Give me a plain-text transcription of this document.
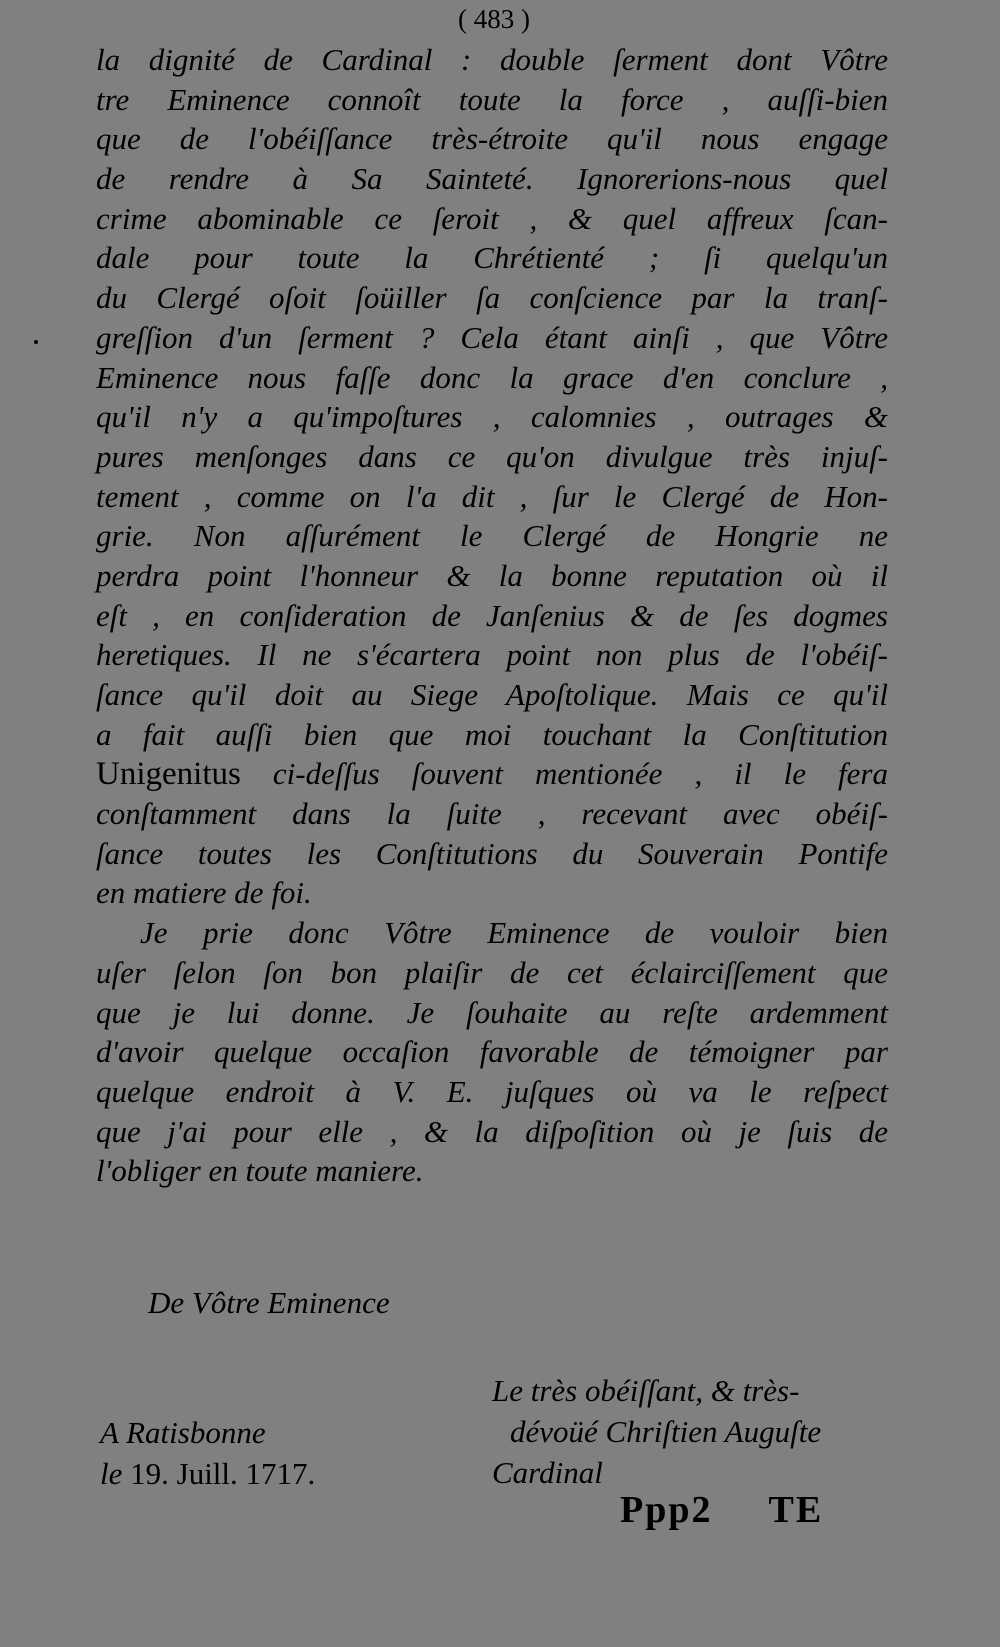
( 483 )
la dignité de Cardinal : double ſerment dont Vôtre
tre Eminence connoît toute la force , auſſi-bien
que de l'obéiſſance très-étroite qu'il nous engage
de rendre à Sa Sainteté. Ignorerions-nous quel
crime abominable ce ſeroit , & quel affreux ſcan-
dale pour toute la Chrétienté ; ſi quelqu'un
du Clergé oſoit ſoüiller ſa conſcience par la tranſ-
greſſion d'un ſerment ? Cela étant ainſi , que Vôtre
Eminence nous faſſe donc la grace d'en conclure ,
qu'il n'y a qu'impoſtures , calomnies , outrages &
pures menſonges dans ce qu'on divulgue très injuſ-
tement , comme on l'a dit , ſur le Clergé de Hon-
grie. Non aſſurément le Clergé de Hongrie ne
perdra point l'honneur & la bonne reputation où il
eſt , en conſideration de Janſenius & de ſes dogmes
heretiques. Il ne s'écartera point non plus de l'obéiſ-
ſance qu'il doit au Siege Apoſtolique. Mais ce qu'il
a fait auſſi bien que moi touchant la Conſtitution
Unigenitus ci-deſſus ſouvent mentionée , il le fera
conſtamment dans la ſuite , recevant avec obéiſ-
ſance toutes les Conſtitutions du Souverain Pontife
en matiere de foi.
Je prie donc Vôtre Eminence de vouloir bien
uſer ſelon ſon bon plaiſir de cet éclairciſſement que
que je lui donne. Je ſouhaite au reſte ardemment
d'avoir quelque occaſion favorable de témoigner par
quelque endroit à V. E. juſques où va le reſpect
que j'ai pour elle , & la diſpoſition où je ſuis de
l'obliger en toute maniere.
De Vôtre Eminence
A Ratisbonne
le 19. Juill. 1717.
Le très obéiſſant, & très-
dévoüé Chriſtien Auguſte
Cardinal
Ppp2 TE
